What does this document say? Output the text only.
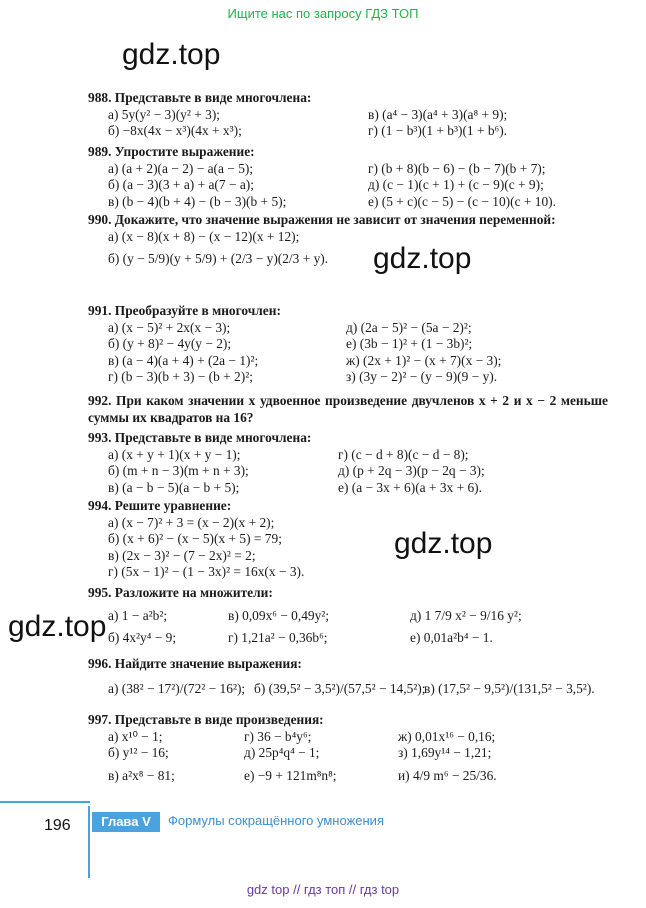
Ищите нас по запросу ГДЗ ТОП
gdz.top
gdz.top
gdz.top
gdz.top
988. Представьте в виде многочлена:
а) 5y(y² − 3)(y² + 3);	в) (a⁴ − 3)(a⁴ + 3)(a⁸ + 9);
б) −8x(4x − x³)(4x + x³);	г) (1 − b³)(1 + b³)(1 + b⁶).
989. Упростите выражение:
а) (a + 2)(a − 2) − a(a − 5);	г) (b + 8)(b − 6) − (b − 7)(b + 7);
б) (a − 3)(3 + a) + a(7 − a);	д) (c − 1)(c + 1) + (c − 9)(c + 9);
в) (b − 4)(b + 4) − (b − 3)(b + 5);	е) (5 + c)(c − 5) − (c − 10)(c + 10).
990. Докажите, что значение выражения не зависит от значения переменной:
а) (x − 8)(x + 8) − (x − 12)(x + 12);
б) (y − 5/9)(y + 5/9) + (2/3 − y)(2/3 + y).
991. Преобразуйте в многочлен:
а) (x − 5)² + 2x(x − 3);	д) (2a − 5)² − (5a − 2)²;
б) (y + 8)² − 4y(y − 2);	е) (3b − 1)² + (1 − 3b)²;
в) (a − 4)(a + 4) + (2a − 1)²;	ж) (2x + 1)² − (x + 7)(x − 3);
г) (b − 3)(b + 3) − (b + 2)²;	з) (3y − 2)² − (y − 9)(9 − y).
992. При каком значении x удвоенное произведение двучленов x + 2 и x − 2 меньше суммы их квадратов на 16?
993. Представьте в виде многочлена:
а) (x + y + 1)(x + y − 1);	г) (c − d + 8)(c − d − 8);
б) (m + n − 3)(m + n + 3);	д) (p + 2q − 3)(p − 2q − 3);
в) (a − b − 5)(a − b + 5);	е) (a − 3x + 6)(a + 3x + 6).
994. Решите уравнение:
а) (x − 7)² + 3 = (x − 2)(x + 2);
б) (x + 6)² − (x − 5)(x + 5) = 79;
в) (2x − 3)² − (7 − 2x)² = 2;
г) (5x − 1)² − (1 − 3x)² = 16x(x − 3).
995. Разложите на множители:
а) 1 − a²b²;	в) 0,09x⁶ − 0,49y²;	д) 1 7/9 x² − 9/16 y²;
б) 4x²y⁴ − 9;	г) 1,21a² − 0,36b⁶;	е) 0,01a²b⁴ − 1.
996. Найдите значение выражения:
а) (38² − 17²)/(72² − 16²); б) (39,5² − 3,5²)/(57,5² − 14,5²);
в) (17,5² − 9,5²)/(131,5² − 3,5²).
997. Представьте в виде произведения:
а) x¹⁰ − 1;	г) 36 − b⁴y⁶;	ж) 0,01x¹⁶ − 0,16;
б) y¹² − 16;	д) 25p⁴q⁴ − 1;	з) 1,69y¹⁴ − 1,21;
в) a²x⁸ − 81;	е) −9 + 121m⁸n⁸;	и) 4/9 m⁶ − 25/36.
196	Глава V	Формулы сокращённого умножения
gdz top // гдз топ // гдз top
